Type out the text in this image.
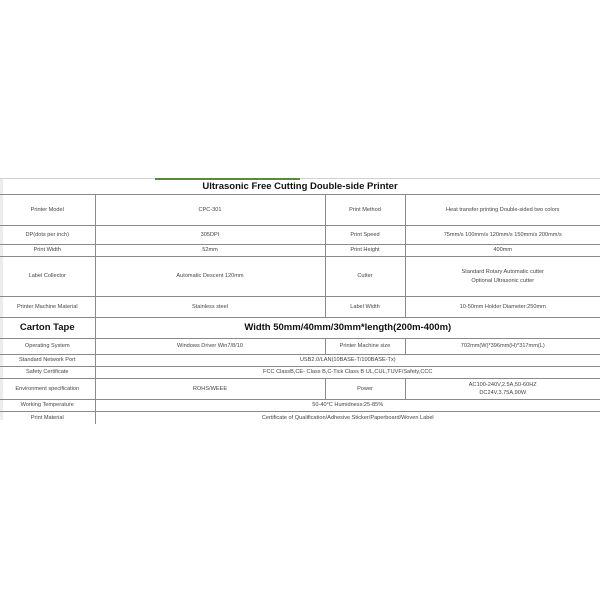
Ultrasonic Free Cutting Double-side Printer			
Printer Model	CPC-301	Print Method	Heat transfer printing Double-sided two colors
DP(dots per inch)	305DPI	Print Speed	75mm/s 100mm/s 120mm/s 150mm/s 200mm/s
Print Width	52mm	Print Height	400mm
Label Collector	Automatic Descent 120mm	Cutter	Standard Rotary Automatic cutter
Optional Ultrasonic cutter

Printer Machine Material	Stainless steel	Label Width	10-50mm Holder Diameter:250mm
Carton Tape	Width 50mm/40mm/30mm*length(200m-400m)		
Operating System	Windows Driver Win7/8/10	Printer Machine size	702mm(W)*396mm(H)*317mm(L)
Standard Network Port	USB2.0/LAN(10BASE-T/100BASE-Tx)		
Safety Certificate	FCC ClassB,CE- Class B,C-Tick Class B UL,CUL,TUVF/Safety,CCC		
Environment specification	ROHS/WEEE	Power	AC100-240V,2.5A,50-60HZ
DC24V,3.75A,90W

Working Temperature	50-40°C Humidness:25-85%		
Print Material	Certificate of Qualification/Adhesive Sticker/Paperboard/Woven Label		
